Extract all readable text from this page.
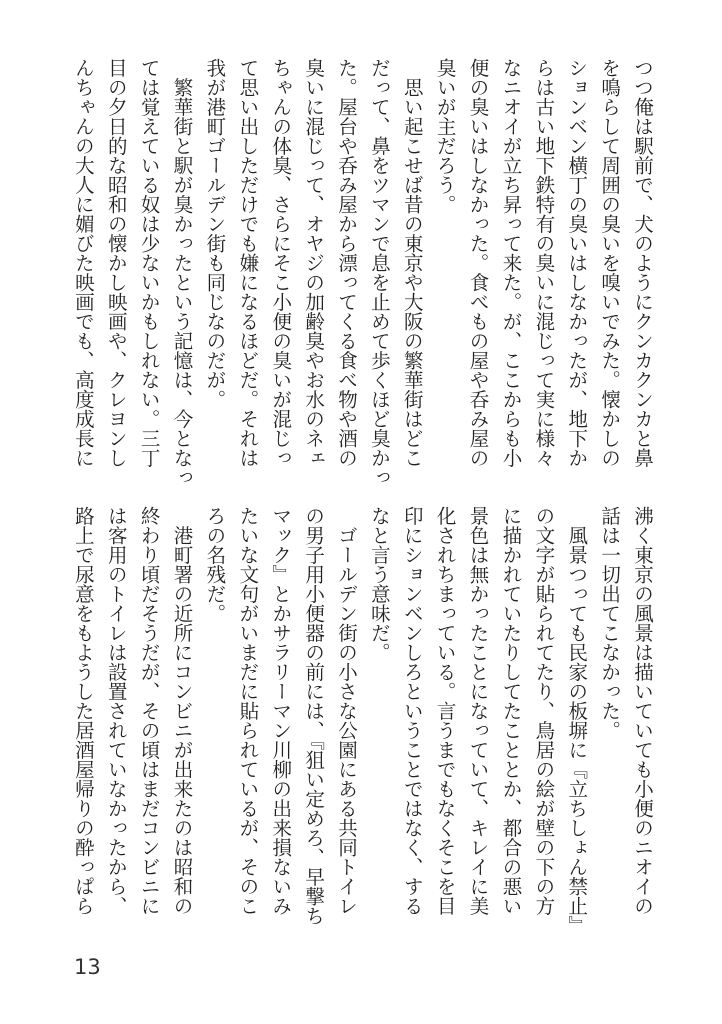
つつ俺は駅前で、犬のようにクンカクンカと鼻
を鳴らして周囲の臭いを嗅いでみた。懐かしの
ションベン横丁の臭いはしなかったが、地下か
らは古い地下鉄特有の臭いに混じって実に様々
なニオイが立ち昇って来た。が、ここからも小
便の臭いはしなかった。食べもの屋や呑み屋の
臭いが主だろう。
　思い起こせば昔の東京や大阪の繁華街はどこ
だって、鼻をツマンで息を止めて歩くほど臭かっ
た。屋台や呑み屋から漂ってくる食べ物や酒の
臭いに混じって、オヤジの加齢臭やお水のネェ
ちゃんの体臭、さらにそこ小便の臭いが混じっ
て思い出しただけでも嫌になるほどだ。それは
我が港町ゴールデン街も同じなのだが。
　繁華街と駅が臭かったという記憶は、今となっ
ては覚えている奴は少ないかもしれない。三丁
目の夕日的な昭和の懐かし映画や、クレヨンし
んちゃんの大人に媚びた映画でも、高度成長に
沸く東京の風景は描いていても小便のニオイの
話は一切出てこなかった。
　風景つっても民家の板塀に『立ちしょん禁止』
の文字が貼られてたり、鳥居の絵が壁の下の方
に描かれていたりしてたこととか、都合の悪い
景色は無かったことになっていて、キレイに美
化されちまっている。言うまでもなくそこを目
印にションベンしろということではなく、する
なと言う意味だ。
　ゴールデン街の小さな公園にある共同トイレ
の男子用小便器の前には、『狙い定めろ、早撃ち
マック』とかサラリーマン川柳の出来損ないみ
たいな文句がいまだに貼られているが、そのこ
ろの名残だ。
　港町署の近所にコンビニが出来たのは昭和の
終わり頃だそうだが、その頃はまだコンビニに
は客用のトイレは設置されていなかったから、
路上で尿意をもようした居酒屋帰りの酔っぱら
13
